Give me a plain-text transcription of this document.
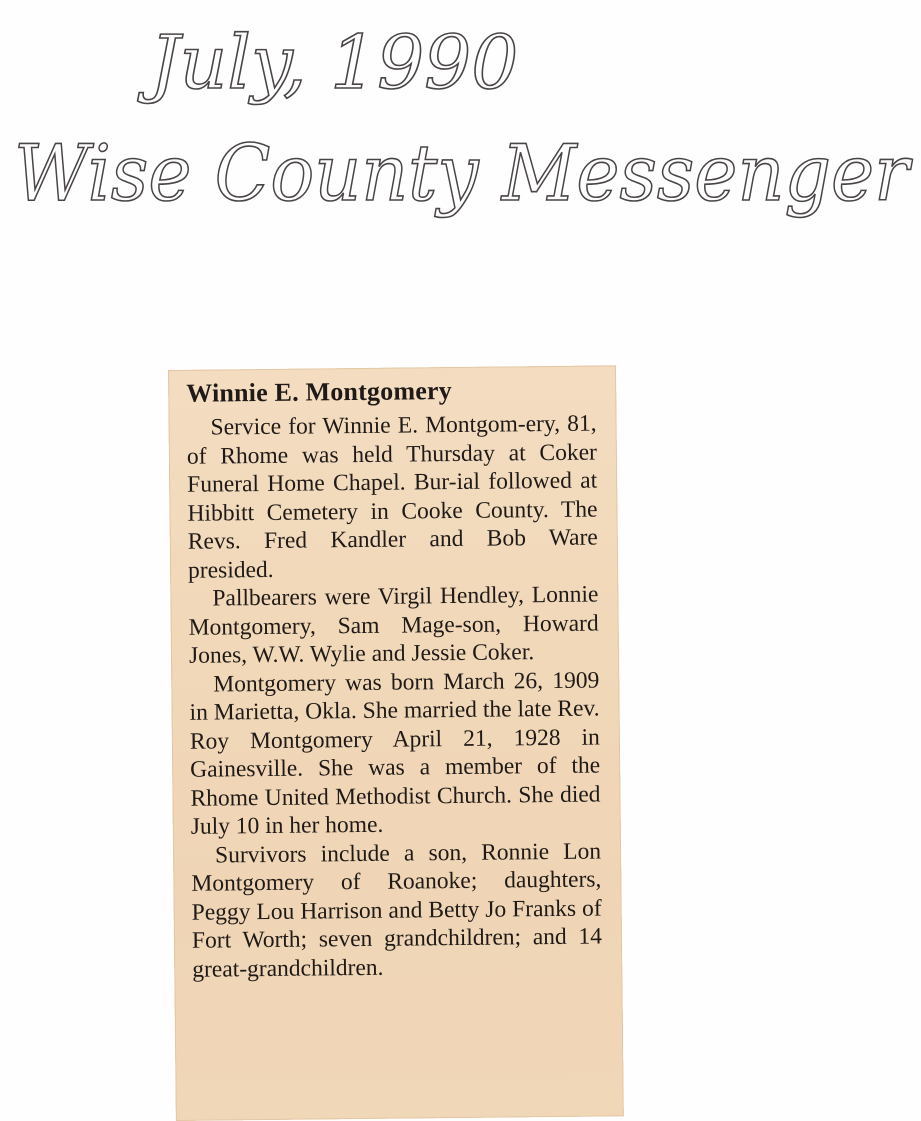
July, 1990
Wise County Messenger
Winnie E. Montgomery

Service for Winnie E. Montgom-ery, 81, of Rhome was held Thursday at Coker Funeral Home Chapel. Bur-ial followed at Hibbitt Cemetery in Cooke County. The Revs. Fred Kandler and Bob Ware presided.

Pallbearers were Virgil Hendley, Lonnie Montgomery, Sam Mage-son, Howard Jones, W.W. Wylie and Jessie Coker.

Montgomery was born March 26, 1909 in Marietta, Okla. She married the late Rev. Roy Montgomery April 21, 1928 in Gainesville. She was a member of the Rhome United Methodist Church. She died July 10 in her home.

Survivors include a son, Ronnie Lon Montgomery of Roanoke; daughters, Peggy Lou Harrison and Betty Jo Franks of Fort Worth; seven grandchildren; and 14 great-grandchildren.
